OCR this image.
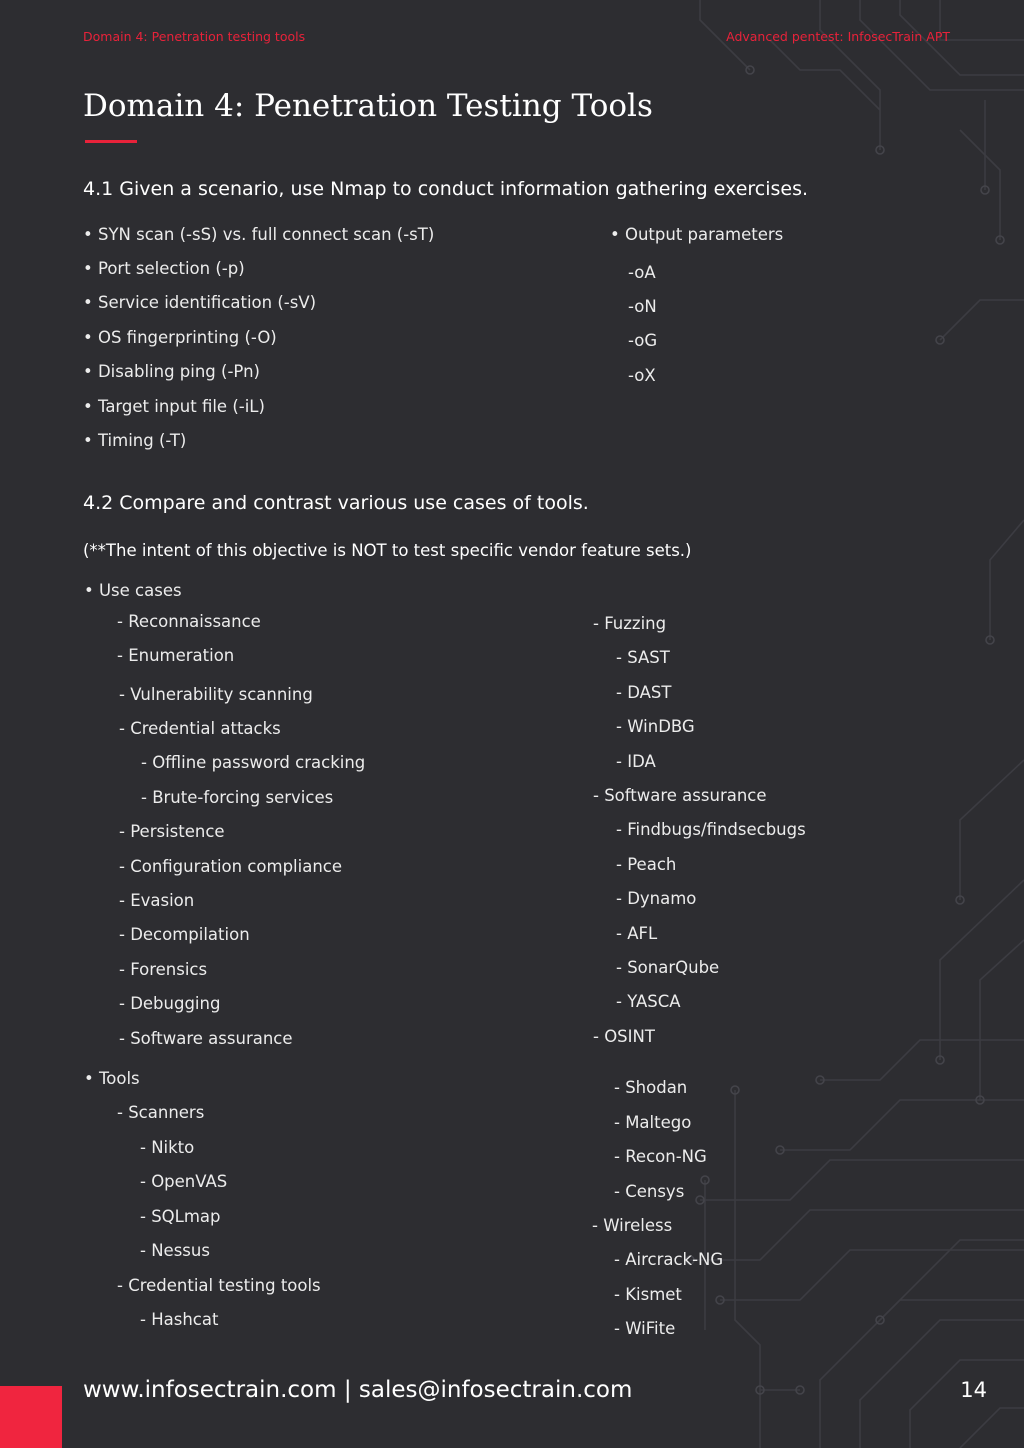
Domain 4: Penetration testing tools	Advanced pentest: InfosecTrain APT
Domain 4: Penetration Testing Tools
4.1 Given a scenario, use Nmap to conduct information gathering exercises.
• SYN scan (-sS) vs. full connect scan (-sT)
• Port selection (-p)
• Service identification (-sV)
• OS fingerprinting (-O)
• Disabling ping (-Pn)
• Target input file (-iL)
• Timing (-T)
• Output parameters
-oA
-oN
-oG
-oX
4.2 Compare and contrast various use cases of tools.
(**The intent of this objective is NOT to test specific vendor feature sets.)
• Use cases
- Reconnaissance
- Enumeration
- Vulnerability scanning
- Credential attacks
- Offline password cracking
- Brute-forcing services
- Persistence
- Configuration compliance
- Evasion
- Decompilation
- Forensics
- Debugging
- Software assurance
• Tools
- Scanners
- Nikto
- OpenVAS
- SQLmap
- Nessus
- Credential testing tools
- Hashcat
- Fuzzing
- SAST
- DAST
- WinDBG
- IDA
- Software assurance
- Findbugs/findsecbugs
- Peach
- Dynamo
- AFL
- SonarQube
- YASCA
- OSINT
- Shodan
- Maltego
- Recon-NG
- Censys
- Wireless
- Aircrack-NG
- Kismet
- WiFite
www.infosectrain.com | sales@infosectrain.com	14
